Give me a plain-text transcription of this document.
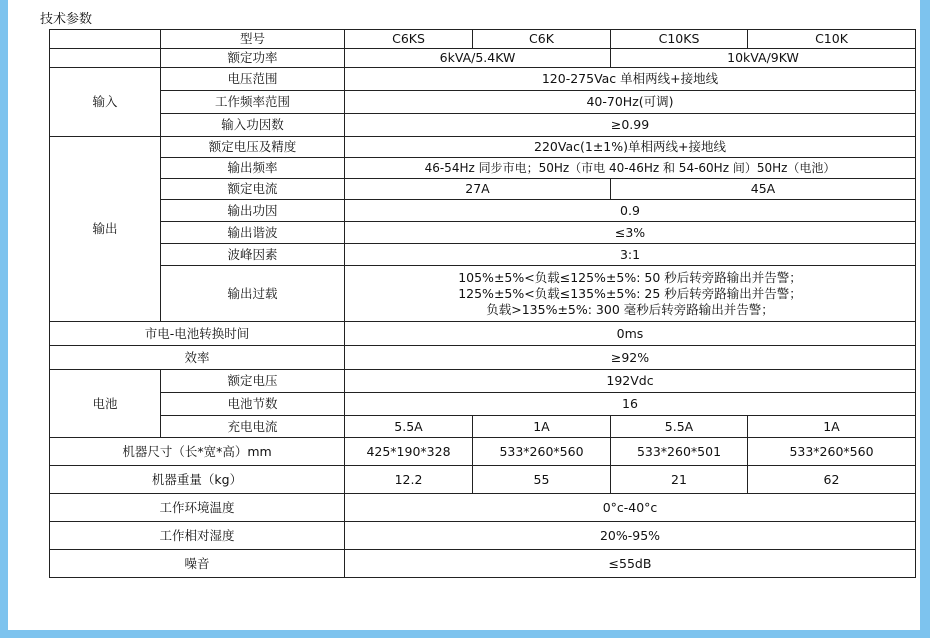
技术参数
	型号	C6KS	C6K	C10KS	C10K
	额定功率	6kVA/5.4KW		10kVA/9KW	
输入	电压范围	120-275Vac 单相两线+接地线			
	工作频率范围	40-70Hz(可调)			
	输入功因数	≥0.99			
输出	额定电压及精度	220Vac(1±1%)单相两线+接地线			
	输出频率	46-54Hz 同步市电；50Hz（市电 40-46Hz 和 54-60Hz 间）50Hz（电池）			
	额定电流	27A		45A	
	输出功因	0.9			
	输出谐波	≤3%			
	波峰因素	3:1			
	输出过载	105%±5%<负载≤125%±5%: 50 秒后转旁路输出并告警；
125%±5%<负载≤135%±5%: 25 秒后转旁路输出并告警；
负载>135%±5%: 300 毫秒后转旁路输出并告警；			

市电-电池转换时间		0ms			
效率		≥92%			
电池	额定电压	192Vdc			
	电池节数	16			
	充电电流	5.5A	1A	5.5A	1A
机器尺寸（长*宽*高）mm		425*190*328	533*260*560	533*260*501	533*260*560
机器重量（kg）		12.2	55	21	62
工作环境温度		0°c-40°c			
工作相对湿度		20%-95%			
噪音		≤55dB			
